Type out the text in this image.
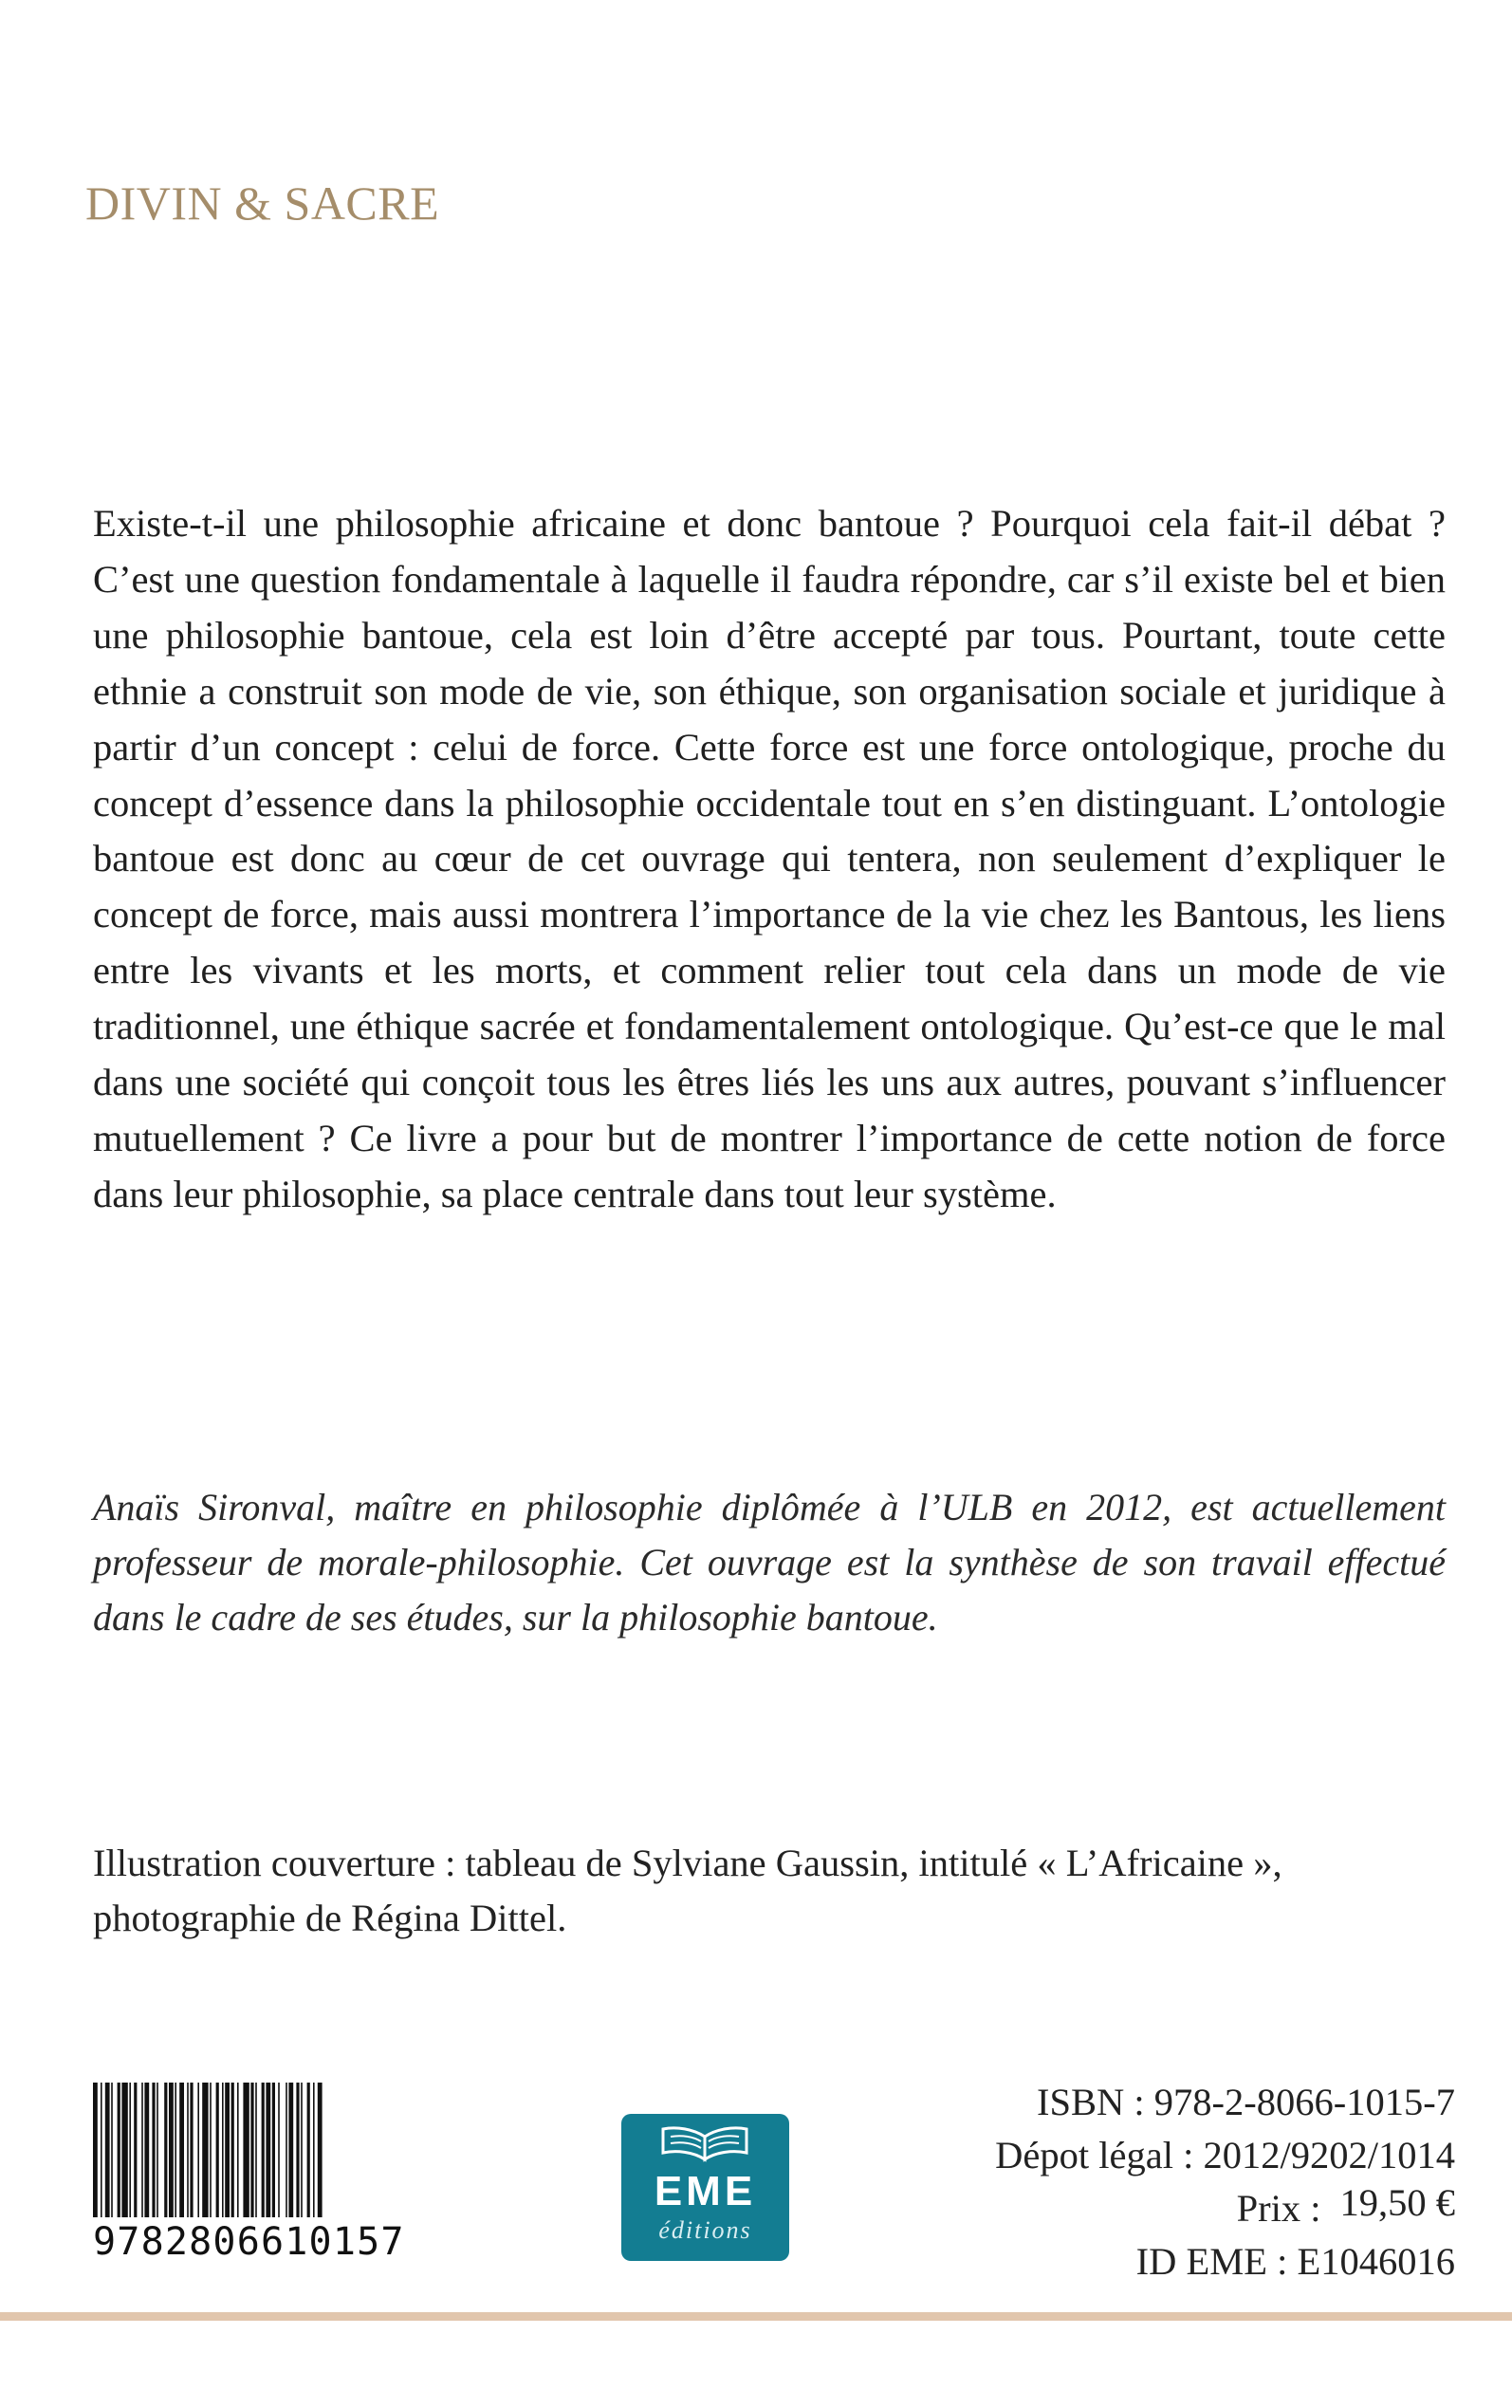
DIVIN & SACRE

Existe-t-il une philosophie africaine et donc bantoue ? Pourquoi cela fait-il débat ? C’est une question fondamentale à laquelle il faudra répondre, car s’il existe bel et bien une philosophie bantoue, cela est loin d’être accepté par tous. Pourtant, toute cette ethnie a construit son mode de vie, son éthique, son organisation sociale et juridique à partir d’un concept : celui de force. Cette force est une force ontologique, proche du concept d’essence dans la philosophie occidentale tout en s’en distinguant. L’ontologie bantoue est donc au cœur de cet ouvrage qui tentera, non seulement d’expliquer le concept de force, mais aussi montrera l’importance de la vie chez les Bantous, les liens entre les vivants et les morts, et comment relier tout cela dans un mode de vie traditionnel, une éthique sacrée et fondamentalement ontologique. Qu’est-ce que le mal dans une société qui conçoit tous les êtres liés les uns aux autres, pouvant s’influencer mutuellement ? Ce livre a pour but de montrer l’importance de cette notion de force dans leur philosophie, sa place centrale dans tout leur système.

Anaïs Sironval, maître en philosophie diplômée à l’ULB en 2012, est actuellement professeur de morale-philosophie. Cet ouvrage est la synthèse de son travail effectué dans le cadre de ses études, sur la philosophie bantoue.

Illustration couverture : tableau de Sylviane Gaussin, intitulé « L’Africaine », photographie de Régina Dittel.

9782806610157
EME
éditions
ISBN : 978-2-8066-1015-7
Dépot légal : 2012/9202/1014
Prix : 19,50 €
ID EME : E1046016
